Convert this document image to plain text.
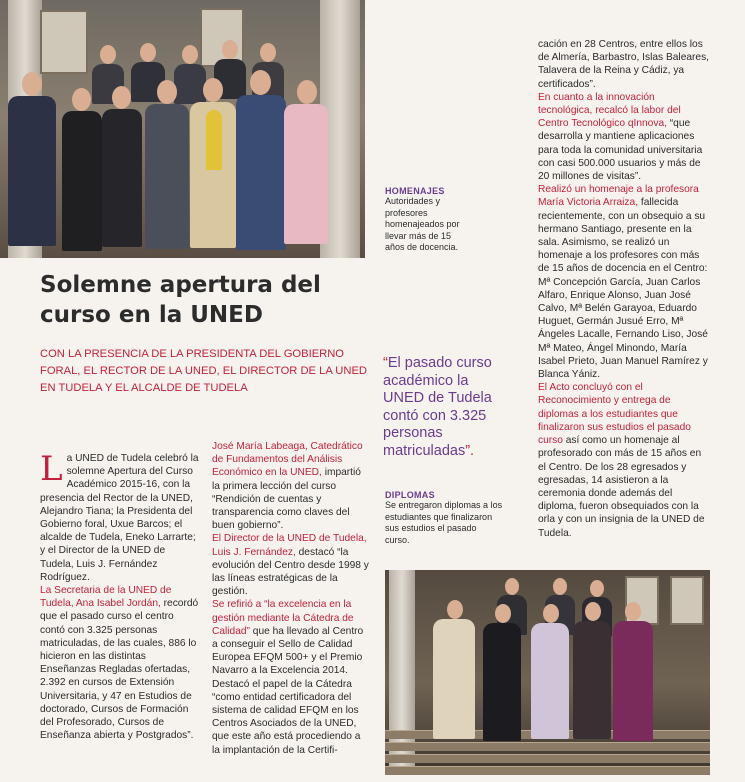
HOMENAJES

Autoridades y profesores homenajeados por llevar más de 15 años de docencia.

Solemne apertura del curso en la UNED

CON LA PRESENCIA DE LA PRESIDENTA DEL GOBIERNO FORAL, EL RECTOR DE LA UNED, EL DIRECTOR DE LA UNED EN TUDELA Y EL ALCALDE DE TUDELA

La UNED de Tudela celebró la solemne Apertura del Curso Académico 2015-16, con la presencia del Rector de la UNED, Alejandro Tiana; la Presidenta del Gobierno foral, Uxue Barcos; el alcalde de Tudela, Eneko Larrarte; y el Director de la UNED de Tudela, Luis J. Fernández Rodríguez.

La Secretaria de la UNED de Tudela, Ana Isabel Jordán, recordó que el pasado curso el centro contó con 3.325 personas matriculadas, de las cuales, 886 lo hicieron en las distintas Enseñanzas Regladas ofertadas, 2.392 en cursos de Extensión Universitaria, y 47 en Estudios de doctorado, Cursos de Formación del Profesorado, Cursos de Enseñanza abierta y Postgrados”.

José María Labeaga, Catedrático de Fundamentos del Análisis Económico en la UNED, impartió la primera lección del curso “Rendición de cuentas y transparencia como claves del buen gobierno”.

El Director de la UNED de Tudela, Luis J. Fernández, destacó “la evolución del Centro desde 1998 y las líneas estratégicas de la gestión.

Se refirió a “la excelencia en la gestión mediante la Cátedra de Calidad” que ha llevado al Centro a conseguir el Sello de Calidad Europea EFQM 500+ y el Premio Navarro a la Excelencia 2014. Destacó el papel de la Cátedra “como entidad certificadora del sistema de calidad EFQM en los Centros Asociados de la UNED, que este año está procediendo a la implantación de la Certifi-

“El pasado curso académico la UNED de Tudela contó con 3.325 personas matriculadas”.

DIPLOMAS

Se entregaron diplomas a los estudiantes que finalizaron sus estudios el pasado curso.

cación en 28 Centros, entre ellos los de Almería, Barbastro, Islas Baleares, Talavera de la Reina y Cádiz, ya certificados”.

En cuanto a la innovación tecnológica, recalcó la labor del Centro Tecnológico qInnova, “que desarrolla y mantiene aplicaciones para toda la comunidad universitaria con casi 500.000 usuarios y más de 20 millones de visitas”.

Realizó un homenaje a la profesora María Victoria Arraiza, fallecida recientemente, con un obsequio a su hermano Santiago, presente en la sala. Asimismo, se realizó un homenaje a los profesores con más de 15 años de docencia en el Centro: Mª Concepción García, Juan Carlos Alfaro, Enrique Alonso, Juan José Calvo, Mª Belén Garayoa, Eduardo Huguet, Germán Jusué Erro, Mª Ángeles Lacalle, Fernando Liso, José Mª Mateo, Ángel Minondo, María Isabel Prieto, Juan Manuel Ramírez y Blanca Yániz.

El Acto concluyó con el Reconocimiento y entrega de diplomas a los estudiantes que finalizaron sus estudios el pasado curso así como un homenaje al profesorado con más de 15 años en el Centro. De los 28 egresados y egresadas, 14 asistieron a la ceremonia donde además del diploma, fueron obsequiados con la orla y con un insignia de la UNED de Tudela.
